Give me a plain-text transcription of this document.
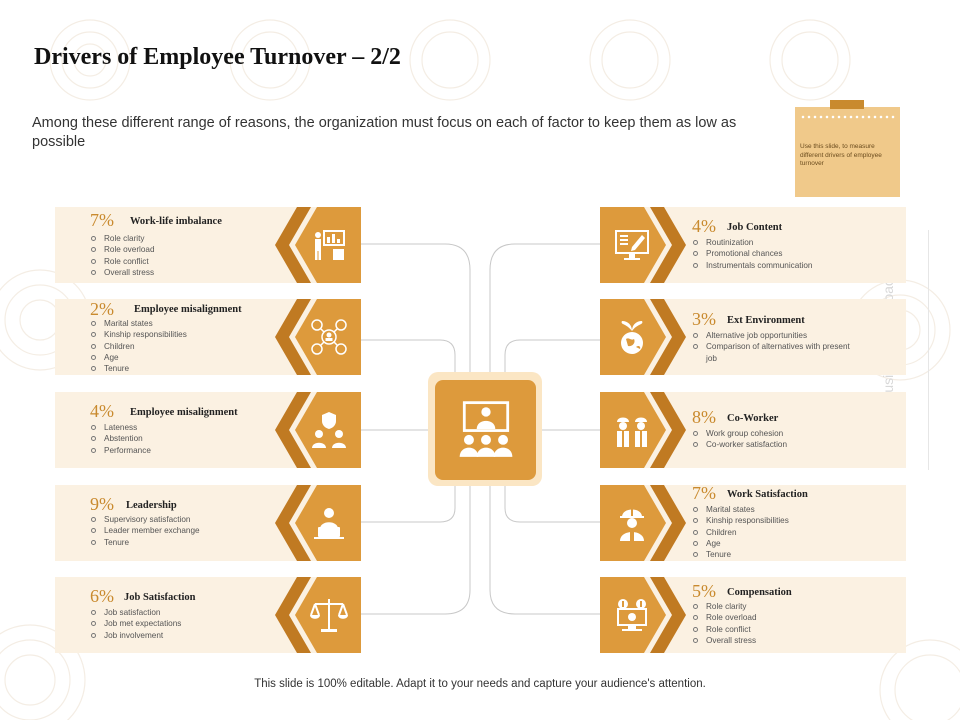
Drivers of Employee Turnover – 2/2
Among these different range of reasons, the organization must focus on each of factor to keep them as low as possible	Use this slide, to measure different drivers of employee turnover
7% Work-life imbalance
Role clarity
Role overload
Role conflict
Overall stress
2% Employee misalignment
Marital states
Kinship responsibilities
Children
Age
Tenure
4% Employee misalignment
Lateness
Abstention
Performance
9% Leadership
Supervisory satisfaction
Leader member exchange
Tenure
6% Job Satisfaction
Job satisfaction
Job met expectations
Job involvement
4% Job Content
Routinization
Promotional chances
Instrumentals communication
3% Ext Environment
Alternative job opportunities
Comparison of alternatives with present job
8% Co-Worker
Work group cohesion
Co-worker satisfaction
7% Work Satisfaction
Marital states
Kinship responsibilities
Children
Age
Tenure
5% Compensation
Role clarity
Role overload
Role conflict
Overall stress
This slide is 100% editable. Adapt it to your needs and capture your audience's attention.
